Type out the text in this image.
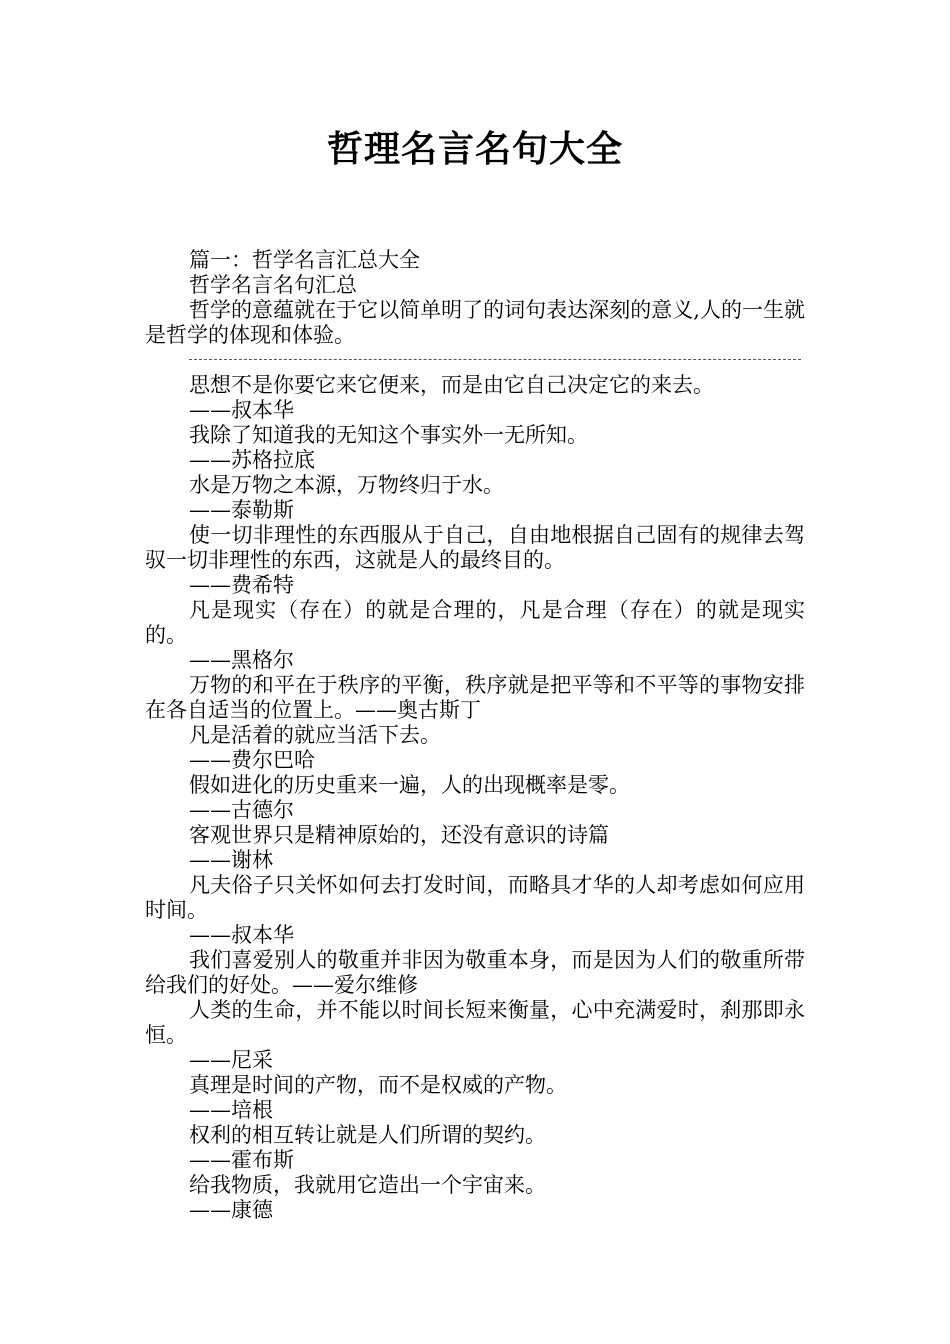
哲理名言名句大全

篇一：哲学名言汇总大全

哲学名言名句汇总

哲学的意蕴就在于它以简单明了的词句表达深刻的意义,人的一生就是哲学的体现和体验。

思想不是你要它来它便来，而是由它自己决定它的来去。

——叔本华

我除了知道我的无知这个事实外一无所知。

——苏格拉底

水是万物之本源，万物终归于水。

——泰勒斯

使一切非理性的东西服从于自己，自由地根据自己固有的规律去驾驭一切非理性的东西，这就是人的最终目的。

——费希特

凡是现实（存在）的就是合理的，凡是合理（存在）的就是现实的。

——黑格尔

万物的和平在于秩序的平衡，秩序就是把平等和不平等的事物安排在各自适当的位置上。——奥古斯丁

凡是活着的就应当活下去。

——费尔巴哈

假如进化的历史重来一遍，人的出现概率是零。

——古德尔

客观世界只是精神原始的，还没有意识的诗篇

——谢林

凡夫俗子只关怀如何去打发时间，而略具才华的人却考虑如何应用时间。

——叔本华

我们喜爱别人的敬重并非因为敬重本身，而是因为人们的敬重所带给我们的好处。——爱尔维修

人类的生命，并不能以时间长短来衡量，心中充满爱时，刹那即永恒。

——尼采

真理是时间的产物，而不是权威的产物。

——培根

权利的相互转让就是人们所谓的契约。

——霍布斯

给我物质，我就用它造出一个宇宙来。

——康德
